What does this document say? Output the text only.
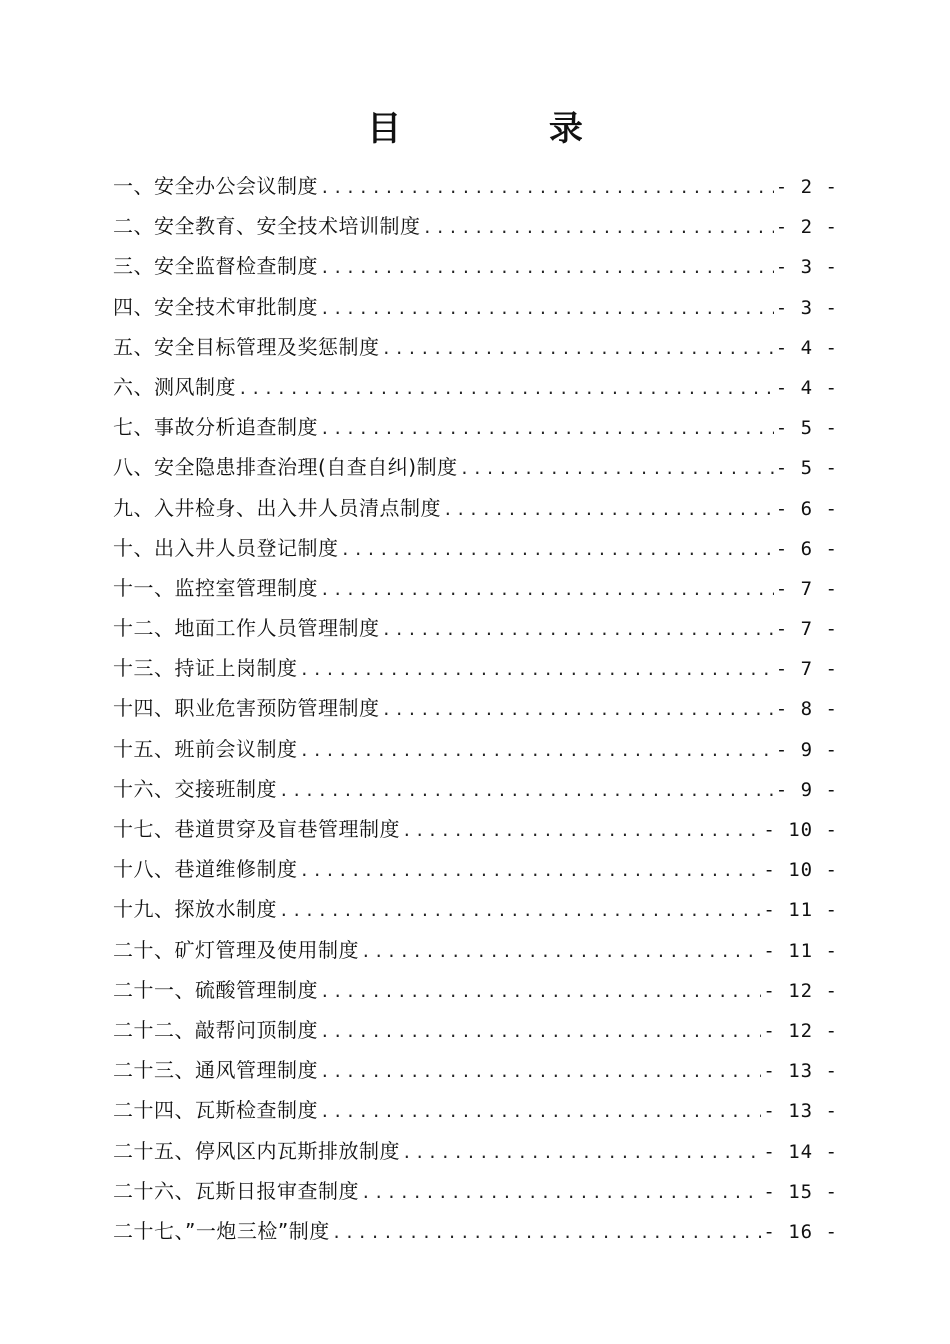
目 录
一、安全办公会议制度 .....	- 2 -
二、安全教育、安全技术培训制度 .....	- 2 -
三、安全监督检查制度 .....	- 3 -
四、安全技术审批制度 .....	- 3 -
五、安全目标管理及奖惩制度 .....	- 4 -
六、测风制度 .....	- 4 -
七、事故分析追查制度 .....	- 5 -
八、安全隐患排查治理(自查自纠)制度 .....	- 5 -
九、入井检身、出入井人员清点制度 .....	- 6 -
十、出入井人员登记制度 .....	- 6 -
十一、监控室管理制度 .....	- 7 -
十二、地面工作人员管理制度 .....	- 7 -
十三、持证上岗制度 .....	- 7 -
十四、职业危害预防管理制度 .....	- 8 -
十五、班前会议制度 .....	- 9 -
十六、交接班制度 .....	- 9 -
十七、巷道贯穿及盲巷管理制度 .....	- 10 -
十八、巷道维修制度 .....	- 10 -
十九、探放水制度 .....	- 11 -
二十、矿灯管理及使用制度 .....	- 11 -
二十一、硫酸管理制度 .....	- 12 -
二十二、敲帮问顶制度 .....	- 12 -
二十三、通风管理制度 .....	- 13 -
二十四、瓦斯检查制度 .....	- 13 -
二十五、停风区内瓦斯排放制度 .....	- 14 -
二十六、瓦斯日报审查制度 .....	- 15 -
二十七、”一炮三检”制度 .....	- 16 -
